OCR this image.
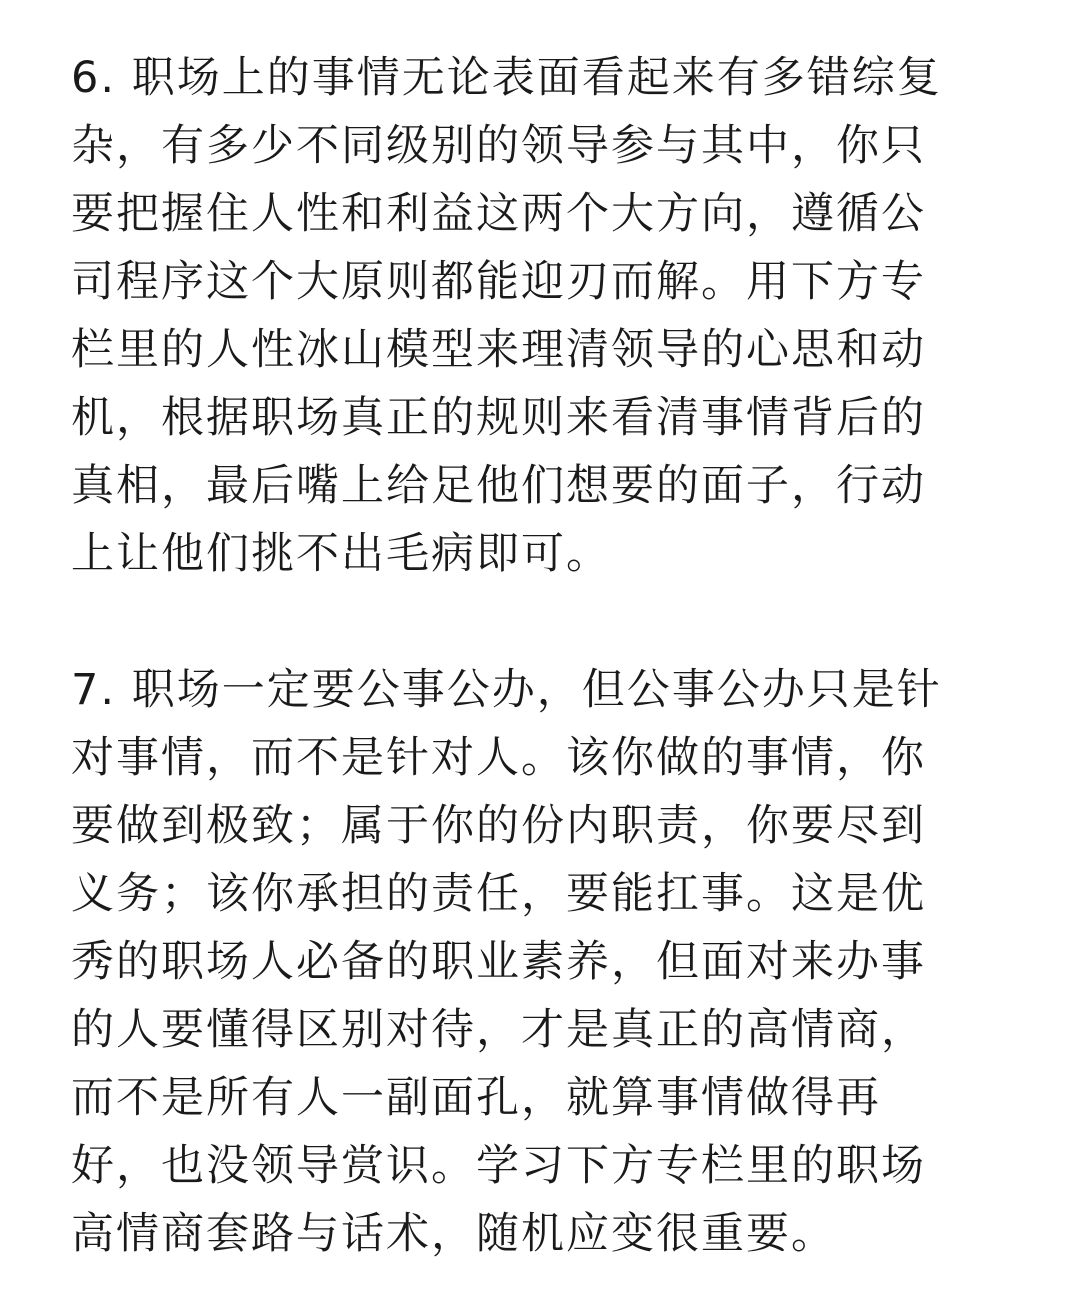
6. 职场上的事情无论表面看起来有多错综复
杂，有多少不同级别的领导参与其中，你只
要把握住人性和利益这两个大方向，遵循公
司程序这个大原则都能迎刃而解。用下方专
栏里的人性冰山模型来理清领导的心思和动
机，根据职场真正的规则来看清事情背后的
真相，最后嘴上给足他们想要的面子，行动
上让他们挑不出毛病即可。
7. 职场一定要公事公办，但公事公办只是针
对事情，而不是针对人。该你做的事情，你
要做到极致；属于你的份内职责，你要尽到
义务；该你承担的责任，要能扛事。这是优
秀的职场人必备的职业素养，但面对来办事
的人要懂得区别对待，才是真正的高情商，
而不是所有人一副面孔，就算事情做得再
好，也没领导赏识。学习下方专栏里的职场
高情商套路与话术，随机应变很重要。
